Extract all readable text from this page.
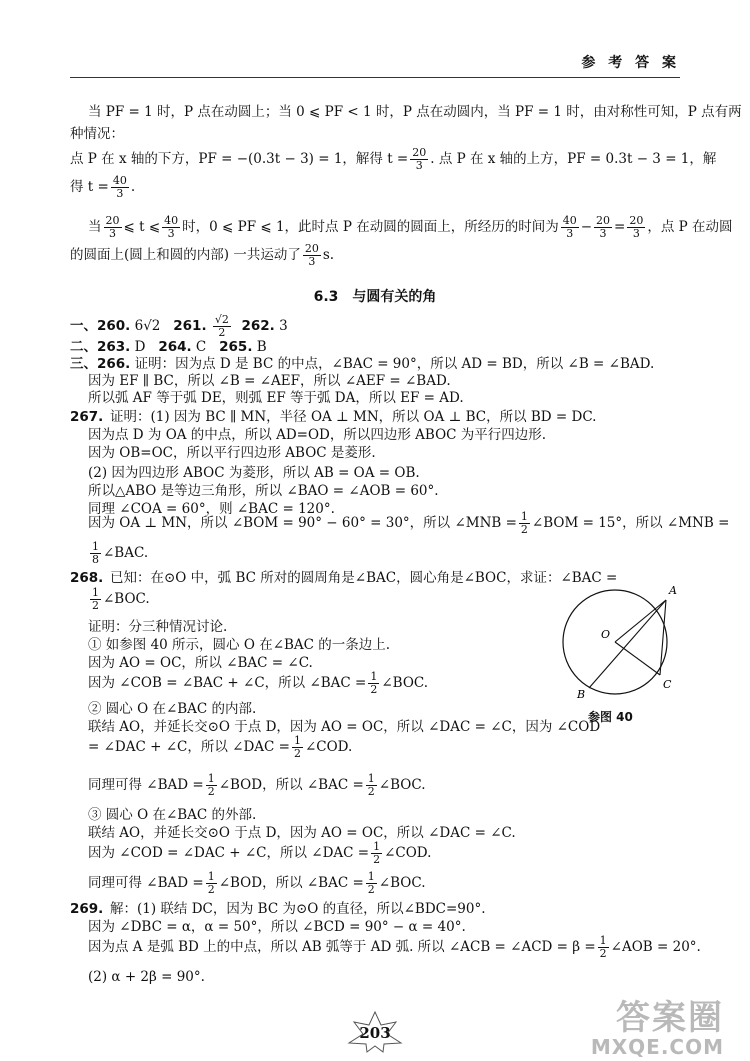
参 考 答 案
当 PF = 1 时，P 点在动圆上；当 0 ⩽ PF < 1 时，P 点在动圆内，当 PF = 1 时，由对称性可知，P 点有两
种情况：
点 P 在 x 轴的下方，PF = −(0.3t − 3) = 1，解得 $t = \frac{20}{3}$ . 点 P 在 x 轴的上方，PF = 0.3t − 3 = 1，解
得 $t = \frac{40}{3}$ .
当 $\frac{20}{3}$ ⩽ t ⩽ $\frac{40}{3}$ 时，0 ⩽ PF ⩽ 1，此时点 P 在动圆的圆面上，所经历的时间为 $\frac{40}{3} - \frac{20}{3} = \frac{20}{3}$ ，点 P 在动圆
的圆面上(圆上和圆的内部) 一共运动了 $\frac{20}{3} s$.
6.3　与圆有关的角
一、260. 6√2 261. $\frac{√2}{2} 262$. 3
二、263. D 264. C 265. B
三、266. 证明：因为点 D 是 BC 的中点，∠BAC = 90°，所以 AD = BD，所以 ∠B = ∠BAD.
因为 EF ∥ BC，所以 ∠B = ∠AEF，所以 ∠AEF = ∠BAD.
所以弧 AF 等于弧 DE，则弧 EF 等于弧 DA，所以 EF = AD.
267. 证明：(1) 因为 BC ∥ MN，半径 OA ⊥ MN，所以 OA ⊥ BC，所以 BD = DC.
因为点 D 为 OA 的中点，所以 AD=OD，所以四边形 ABOC 为平行四边形.
因为 OB=OC，所以平行四边形 ABOC 是菱形.
(2) 因为四边形 ABOC 为菱形，所以 AB = OA = OB.
所以△ABO 是等边三角形，所以 ∠BAO = ∠AOB = 60°.
同理 ∠COA = 60°，则 ∠BAC = 120°.
因为 OA ⊥ MN，所以 ∠BOM = 90° − 60° = 30°，所以 ∠MNB = $\frac{1}{2}$ ∠BOM = 15°，所以 ∠MNB =
$\frac{1}{8}$ ∠BAC.
268. 已知：在⊙O 中，弧 BC 所对的圆周角是∠BAC，圆心角是∠BOC，求证：∠BAC =
$\frac{1}{2}$ ∠BOC.
证明：分三种情况讨论.
① 如参图 40 所示，圆心 O 在∠BAC 的一条边上.
因为 AO = OC，所以 ∠BAC = ∠C.
因为 ∠COB = ∠BAC + ∠C，所以 ∠BAC = $\frac{1}{2}$ ∠BOC.
② 圆心 O 在∠BAC 的内部.
联结 AO，并延长交⊙O 于点 D，因为 AO = OC，所以 ∠DAC = ∠C，因为 ∠COD
= ∠DAC + ∠C，所以 ∠DAC = $\frac{1}{2}$ ∠COD.
同理可得 ∠BAD = $\frac{1}{2}$ ∠BOD，所以 ∠BAC = $\frac{1}{2}$ ∠BOC.
③ 圆心 O 在∠BAC 的外部.
联结 AO，并延长交⊙O 于点 D，因为 AO = OC，所以 ∠DAC = ∠C.
因为 ∠COD = ∠DAC + ∠C，所以 ∠DAC = $\frac{1}{2}$ ∠COD.
同理可得 ∠BAD = $\frac{1}{2}$ ∠BOD，所以 ∠BAC = $\frac{1}{2}$ ∠BOC.
A
O
B
C
参图 40
269. 解：(1) 联结 DC，因为 BC 为⊙O 的直径，所以∠BDC=90°.
因为 ∠DBC = α，α = 50°，所以 ∠BCD = 90° − α = 40°.
因为点 A 是弧 BD 上的中点，所以 AB 弧等于 AD 弧. 所以 ∠ACB = ∠ACD = $\beta = \frac{1}{2}$ ∠AOB = 20°.
(2) α + 2β = 90°.
203	答案圈
MXQE.COM
